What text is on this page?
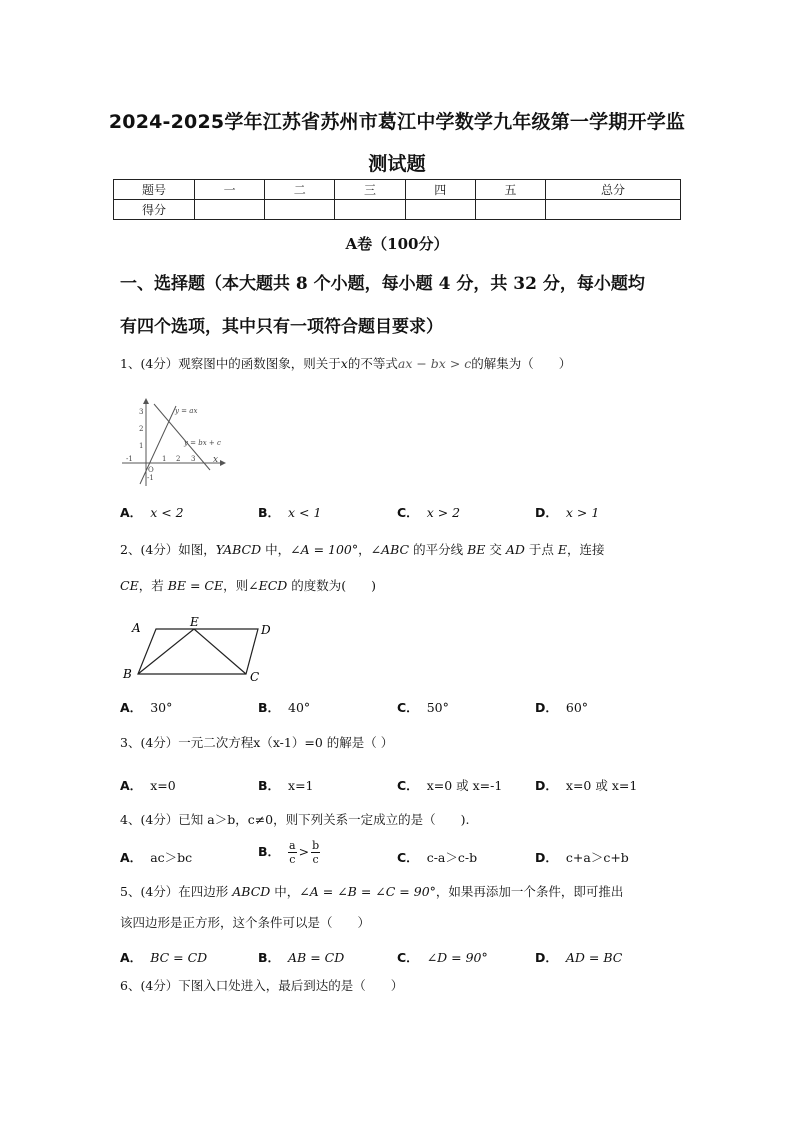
2024-2025学年江苏省苏州市葛江中学数学九年级第一学期开学监
测试题
题号	一	二	三	四	五	总分
得分						
A卷（100分）
一、选择题（本大题共 8 个小题，每小题 4 分，共 32 分，每小题均
有四个选项，其中只有一项符合题目要求）
1、(4分）观察图中的函数图象，则关于x的不等式ax − bx > c的解集为（　　）
y = ax
y = bx + c
x
3
2
1
-1	1 2 3
O
-1
A． x < 2	B． x < 1	C． x > 2	D． x > 1
2、(4分）如图，YABCD 中，∠A = 100°，∠ABC 的平分线 BE 交 AD 于点 E，连接
CE，若 BE = CE，则∠ECD 的度数为(　　)
A	E
D
B	C
A． 30°	B． 40°	C． 50°	D． 60°
3、(4分）一元二次方程x（x-1）=0 的解是（ ）
A． x=0	B． x=1	C． x=0 或 x=-1	D． x=0 或 x=1
4、(4分）已知 a＞b，c≠0，则下列关系一定成立的是（　　).
A． ac＞bc	B． $\frac{a}{c} > \frac{b}{c}$	C． c-a＞c-b	D． c+a＞c+b
5、(4分）在四边形 ABCD 中，∠A = ∠B = ∠C = 90°，如果再添加一个条件，即可推出
该四边形是正方形，这个条件可以是（　　）
A． BC = CD	B． AB = CD	C． ∠D = 90°	D． AD = BC
6、(4分）下图入口处进入，最后到达的是（　　）
